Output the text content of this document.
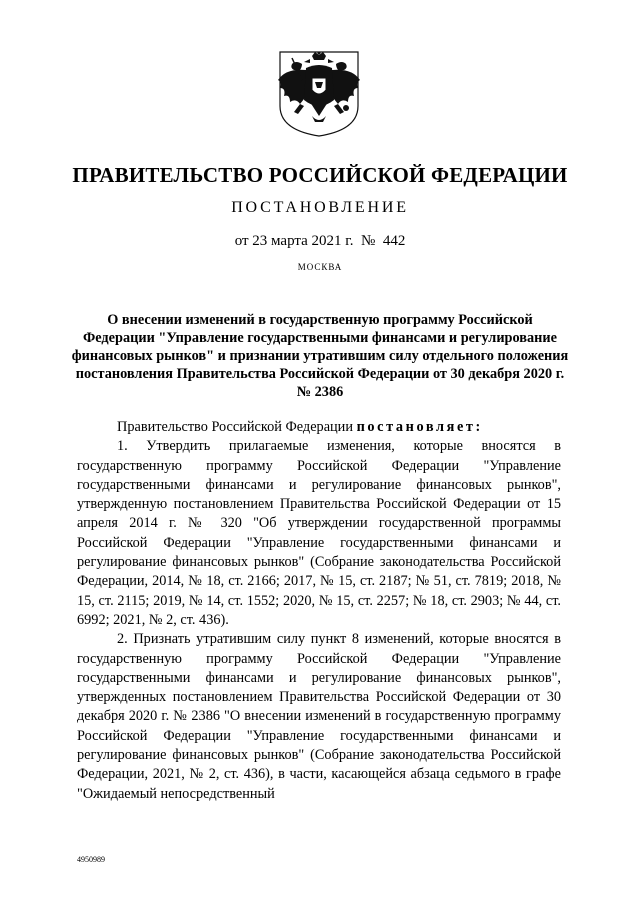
ПРАВИТЕЛЬСТВО РОССИЙСКОЙ ФЕДЕРАЦИИ
ПОСТАНОВЛЕНИЕ
от 23 марта 2021 г.  №  442
МОСКВА
О внесении изменений в государственную программу Российской Федерации "Управление государственными финансами и регулирование финансовых рынков" и признании утратившим силу отдельного положения постановления Правительства Российской Федерации от 30 декабря 2020 г. № 2386

Правительство Российской Федерации постановляет:

1. Утвердить прилагаемые изменения, которые вносятся в государственную программу Российской Федерации "Управление государственными финансами и регулирование финансовых рынков", утвержденную постановлением Правительства Российской Федерации от 15 апреля 2014 г. № 320 "Об утверждении государственной программы Российской Федерации "Управление государственными финансами и регулирование финансовых рынков" (Собрание законодательства Российской Федерации, 2014, № 18, ст. 2166; 2017, № 15, ст. 2187; № 51, ст. 7819; 2018, № 15, ст. 2115; 2019, № 14, ст. 1552; 2020, № 15, ст. 2257; № 18, ст. 2903; № 44, ст. 6992; 2021, № 2, ст. 436).

2. Признать утратившим силу пункт 8 изменений, которые вносятся в государственную программу Российской Федерации "Управление государственными финансами и регулирование финансовых рынков", утвержденных постановлением Правительства Российской Федерации от 30 декабря 2020 г. № 2386 "О внесении изменений в государственную программу Российской Федерации "Управление государственными финансами и регулирование финансовых рынков" (Собрание законодательства Российской Федерации, 2021, № 2, ст. 436), в части, касающейся абзаца седьмого в графе "Ожидаемый непосредственный

4950989
